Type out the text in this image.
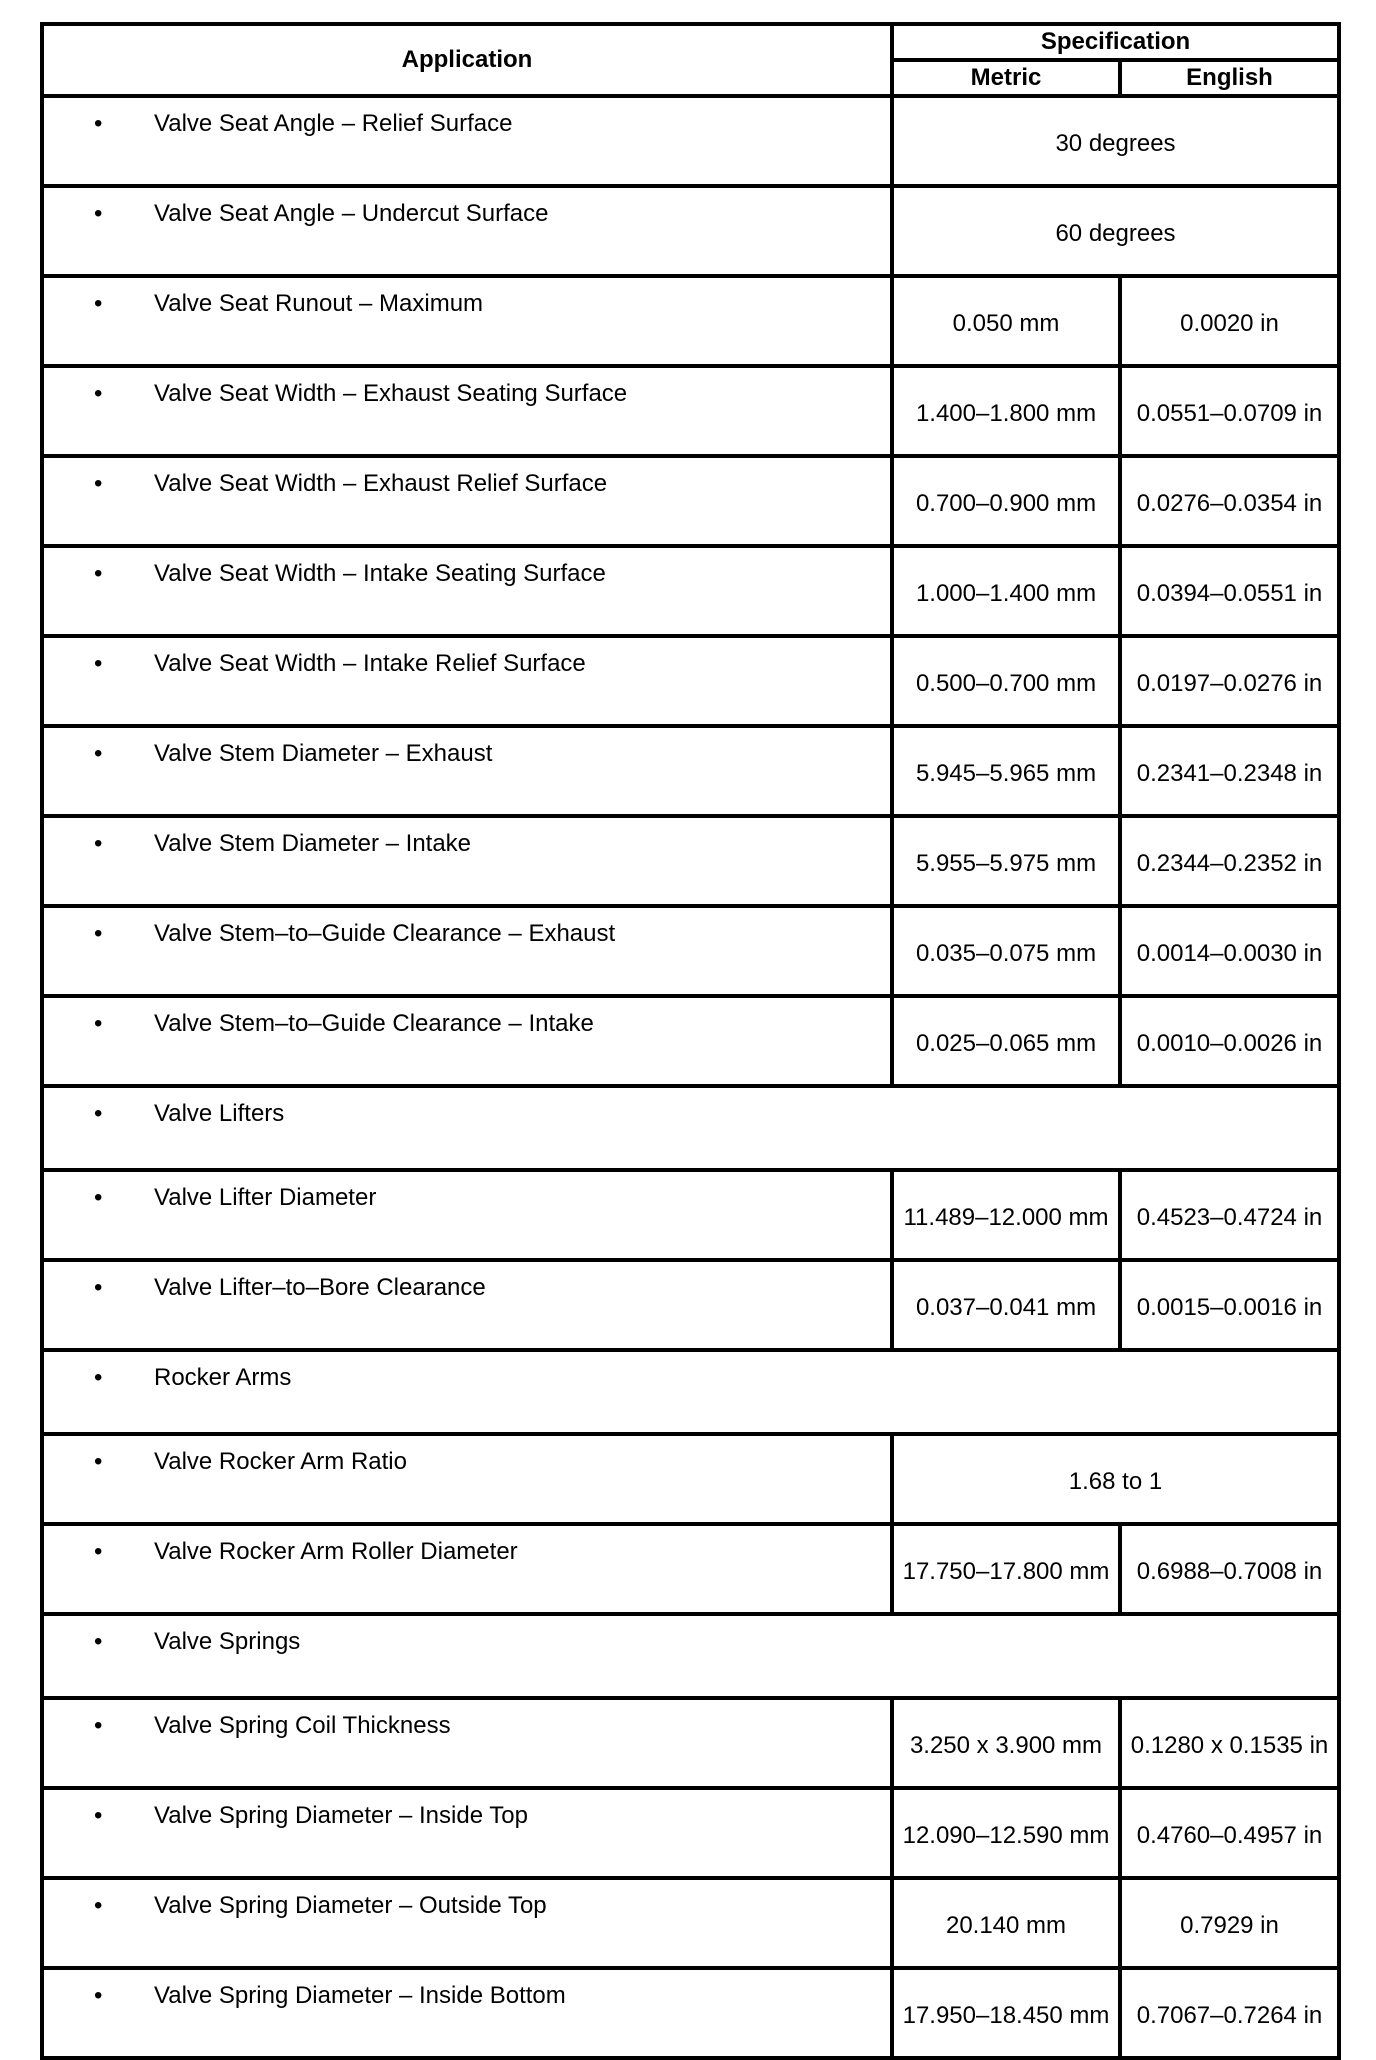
Application	Specification	
	Metric	English
• Valve Seat Angle – Relief Surface	30 degrees	
• Valve Seat Angle – Undercut Surface	60 degrees	
• Valve Seat Runout – Maximum	0.050 mm	0.0020 in
• Valve Seat Width – Exhaust Seating Surface	1.400–1.800 mm	0.0551–0.0709 in
• Valve Seat Width – Exhaust Relief Surface	0.700–0.900 mm	0.0276–0.0354 in
• Valve Seat Width – Intake Seating Surface	1.000–1.400 mm	0.0394–0.0551 in
• Valve Seat Width – Intake Relief Surface	0.500–0.700 mm	0.0197–0.0276 in
• Valve Stem Diameter – Exhaust	5.945–5.965 mm	0.2341–0.2348 in
• Valve Stem Diameter – Intake	5.955–5.975 mm	0.2344–0.2352 in
• Valve Stem–to–Guide Clearance – Exhaust	0.035–0.075 mm	0.0014–0.0030 in
• Valve Stem–to–Guide Clearance – Intake	0.025–0.065 mm	0.0010–0.0026 in
• Valve Lifters		
• Valve Lifter Diameter	11.489–12.000 mm	0.4523–0.4724 in
• Valve Lifter–to–Bore Clearance	0.037–0.041 mm	0.0015–0.0016 in
• Rocker Arms		
• Valve Rocker Arm Ratio	1.68 to 1	
• Valve Rocker Arm Roller Diameter	17.750–17.800 mm	0.6988–0.7008 in
• Valve Springs		
• Valve Spring Coil Thickness	3.250 x 3.900 mm	0.1280 x 0.1535 in
• Valve Spring Diameter – Inside Top	12.090–12.590 mm	0.4760–0.4957 in
• Valve Spring Diameter – Outside Top	20.140 mm	0.7929 in
• Valve Spring Diameter – Inside Bottom	17.950–18.450 mm	0.7067–0.7264 in
